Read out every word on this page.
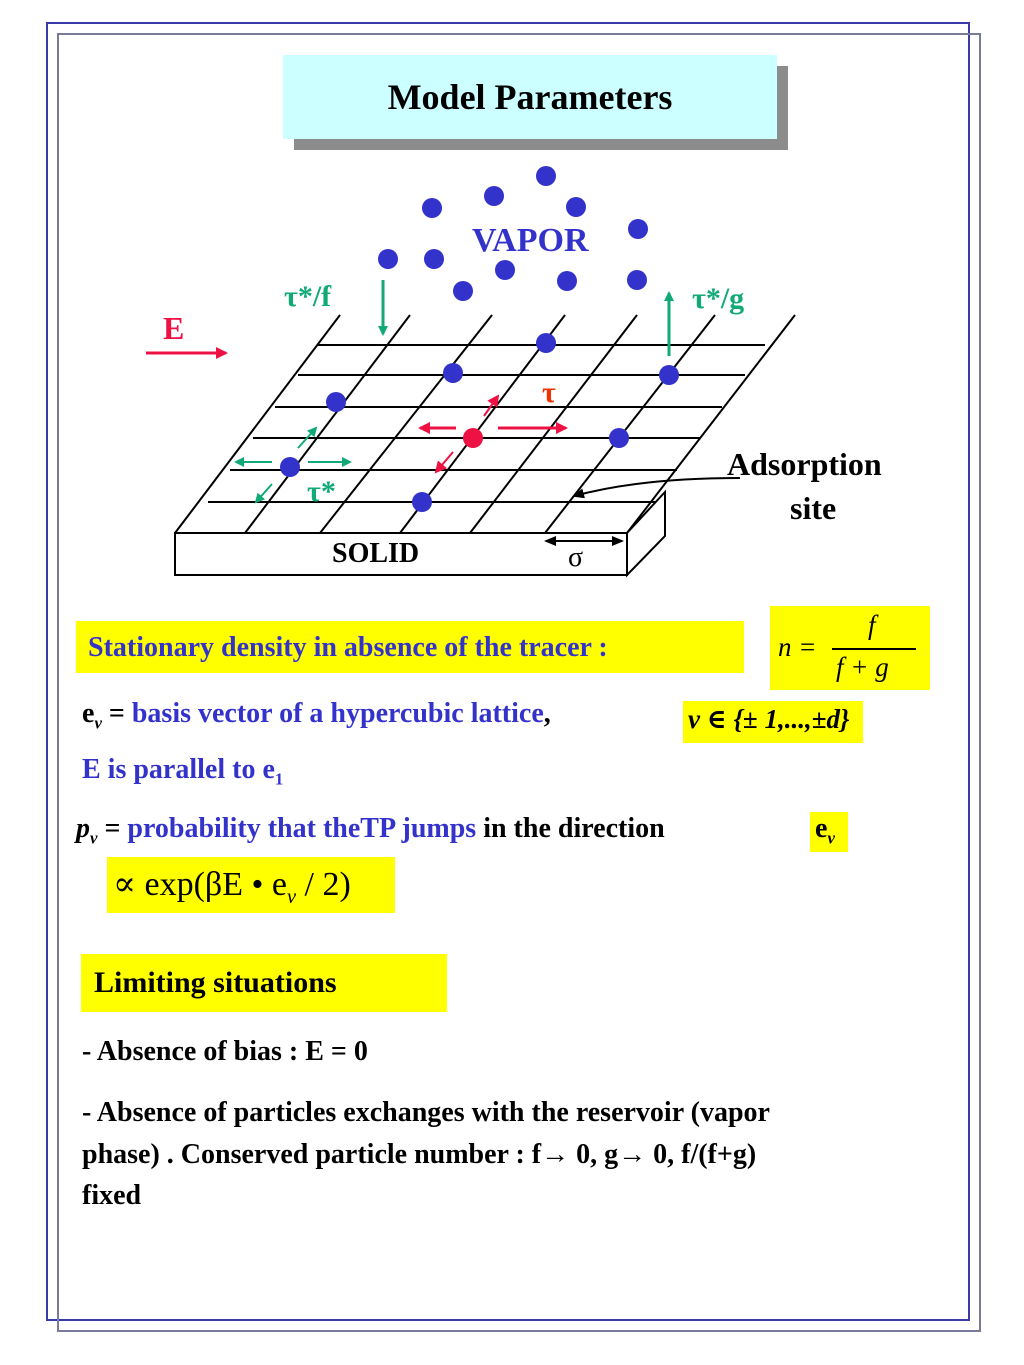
Model Parameters
VAPOR
τ*/f	τ*/g
E
τ
τ*
Adsorption
site
SOLID	σ
Stationary density in absence of the tracer :	n =
f
f + g
$e_\nu$ = basis vector of a hypercubic lattice,	ν ∈ {± 1,...,±d}
E is parallel to $e_1$
$p_\nu$ = probability that theTP jumps in the direction	$e_\nu$
∝ exp(βE • $e_\nu / 2$)
Limiting situations
- Absence of bias : E = 0
- Absence of particles exchanges with the reservoir (vapor
phase) . Conserved particle number : f→ 0, g→ 0, f/(f+g)
fixed
